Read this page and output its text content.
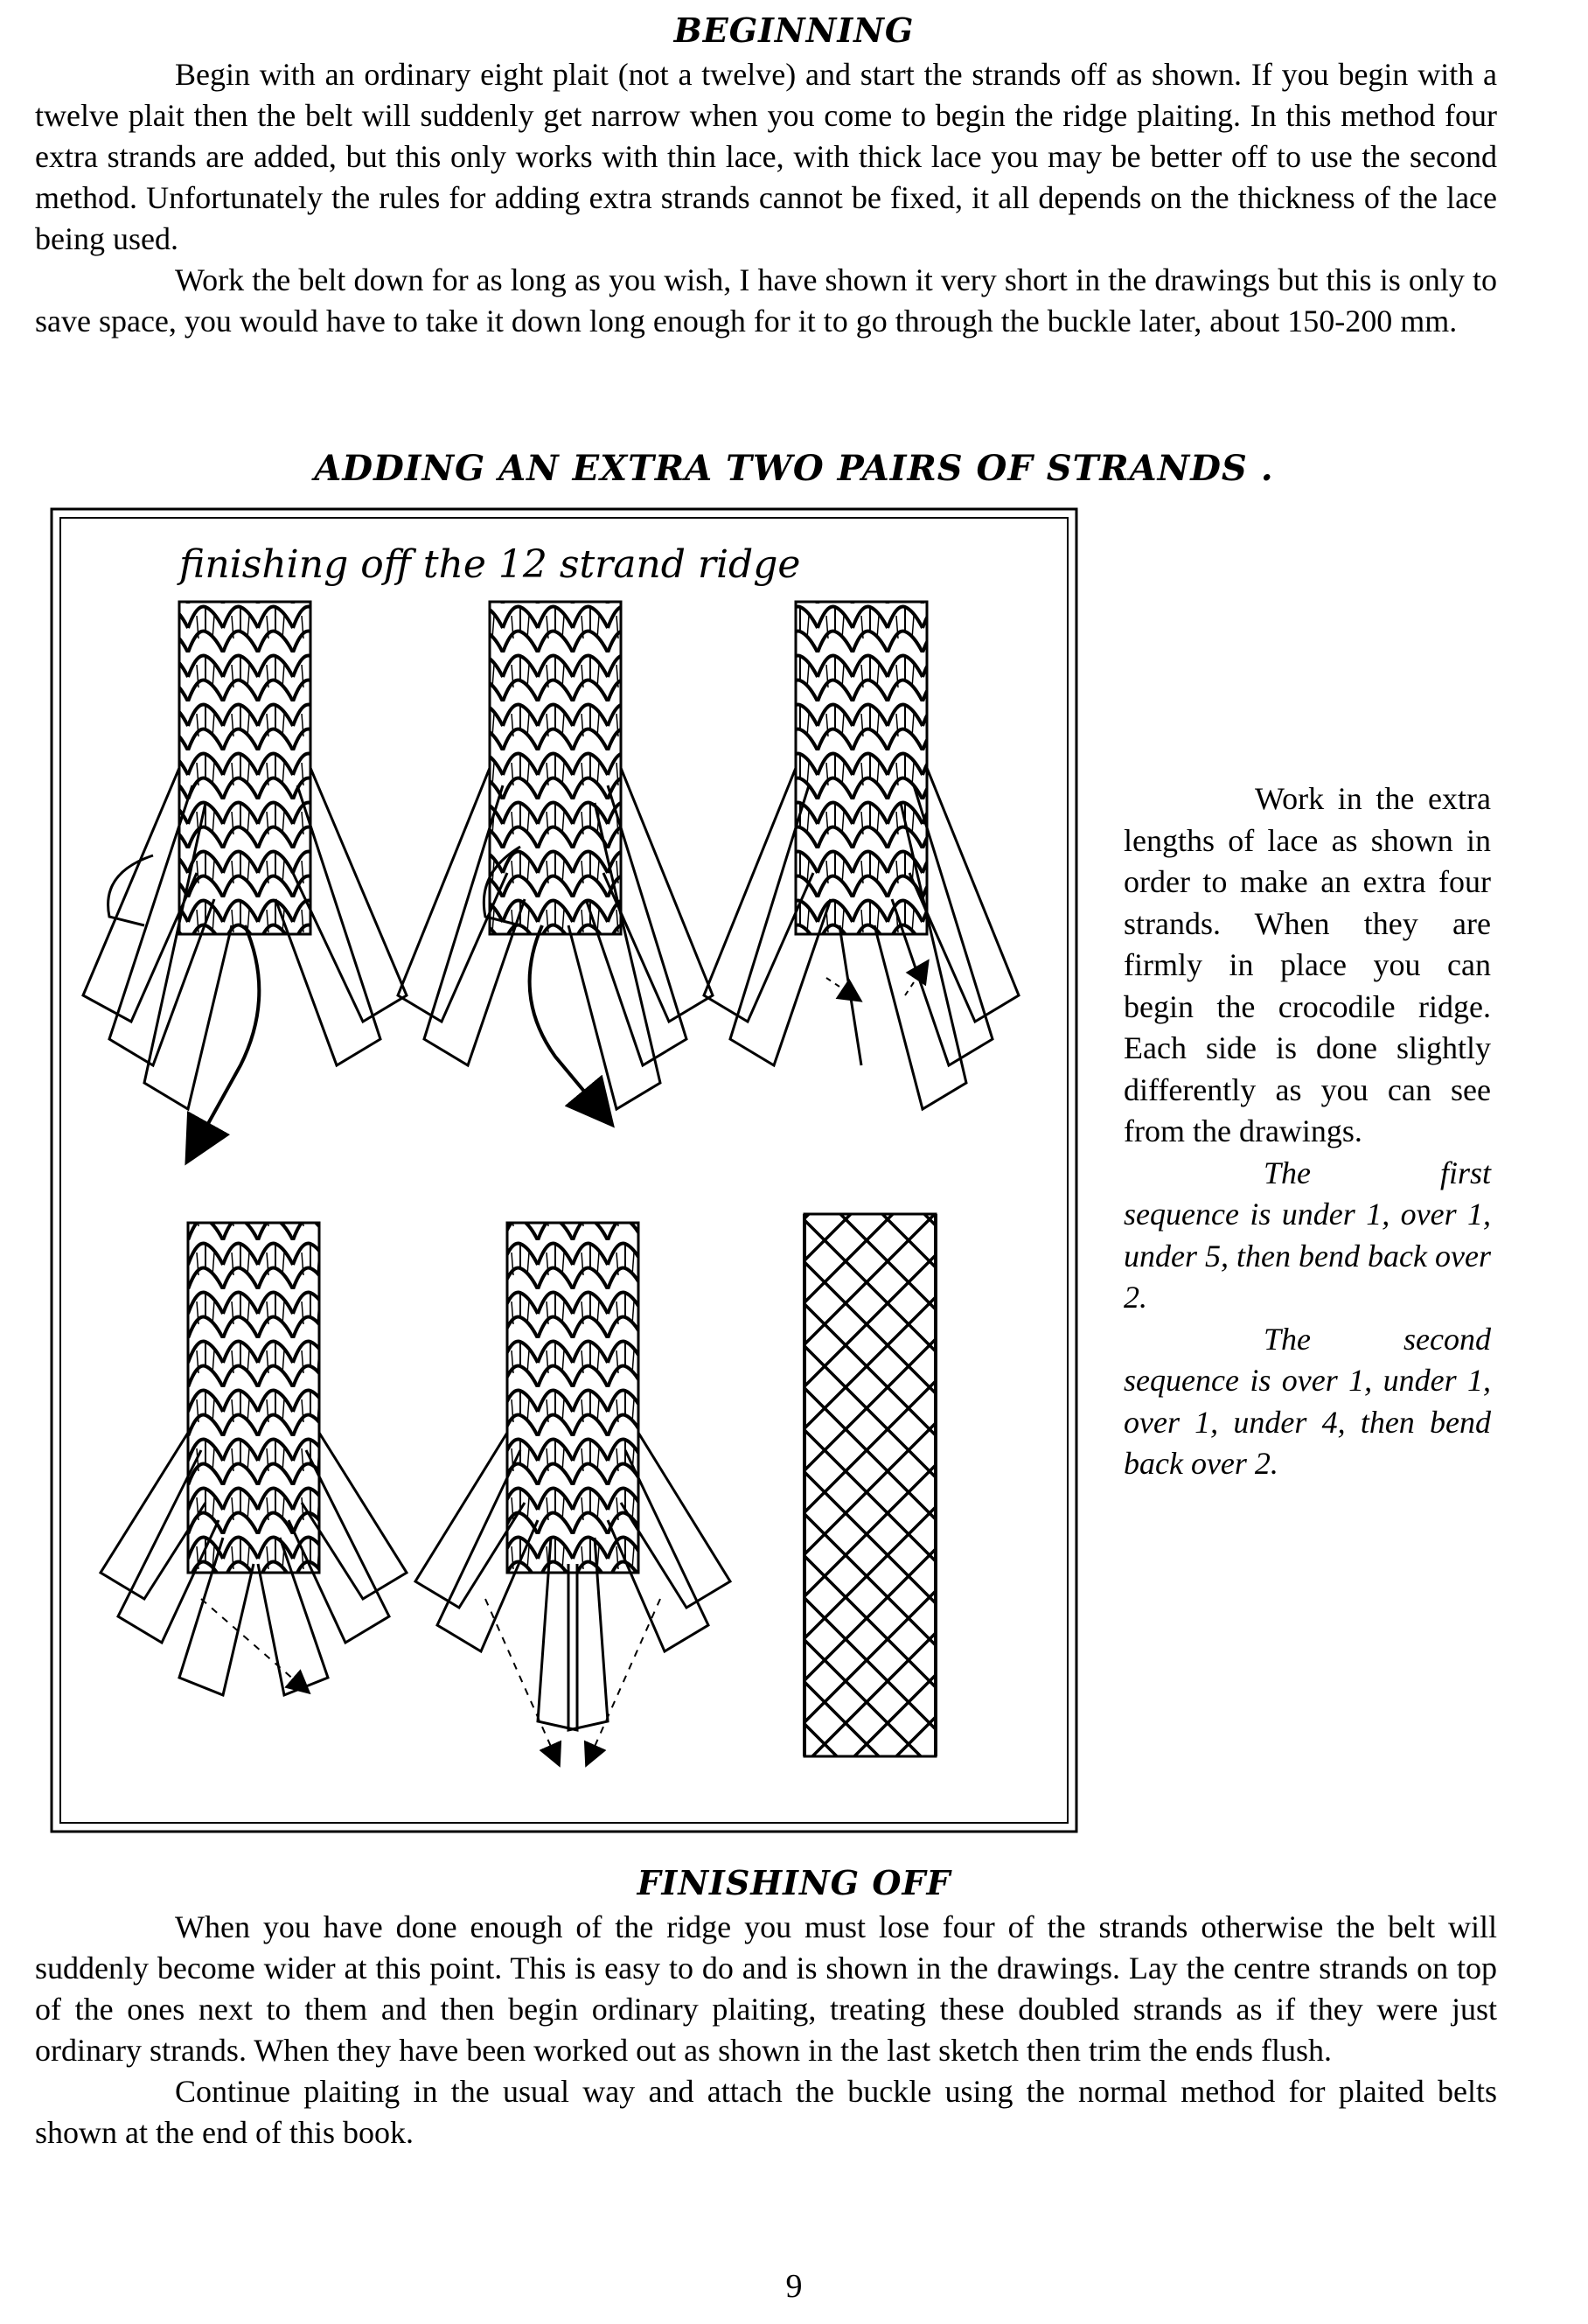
BEGINNING

Begin with an ordinary eight plait (not a twelve) and start the strands off as shown. If you begin with a twelve plait then the belt will suddenly get narrow when you come to begin the ridge plaiting. In this method four extra strands are added, but this only works with thin lace, with thick lace you may be better off to use the second method. Unfortunately the rules for adding extra strands cannot be fixed, it all depends on the thickness of the lace being used.

Work the belt down for as long as you wish, I have shown it very short in the drawings but this is only to save space, you would have to take it down long enough for it to go through the buckle later, about 150-200 mm.

ADDING AN EXTRA TWO PAIRS OF STRANDS .
finishing off the 12 strand ridge

Work in the extra lengths of lace as shown in order to make an extra four strands. When they are firmly in place you can begin the crocodile ridge. Each side is done slightly differently as you can see from the drawings.

The first sequence is under 1, over 1, under 5, then bend back over 2.

The second sequence is over 1, under 1, over 1, under 4, then bend back over 2.

FINISHING OFF

When you have done enough of the ridge you must lose four of the strands otherwise the belt will suddenly become wider at this point. This is easy to do and is shown in the drawings. Lay the centre strands on top of the ones next to them and then begin ordinary plaiting, treating these doubled strands as if they were just ordinary strands. When they have been worked out as shown in the last sketch then trim the ends flush.

Continue plaiting in the usual way and attach the buckle using the normal method for plaited belts shown at the end of this book.

9
